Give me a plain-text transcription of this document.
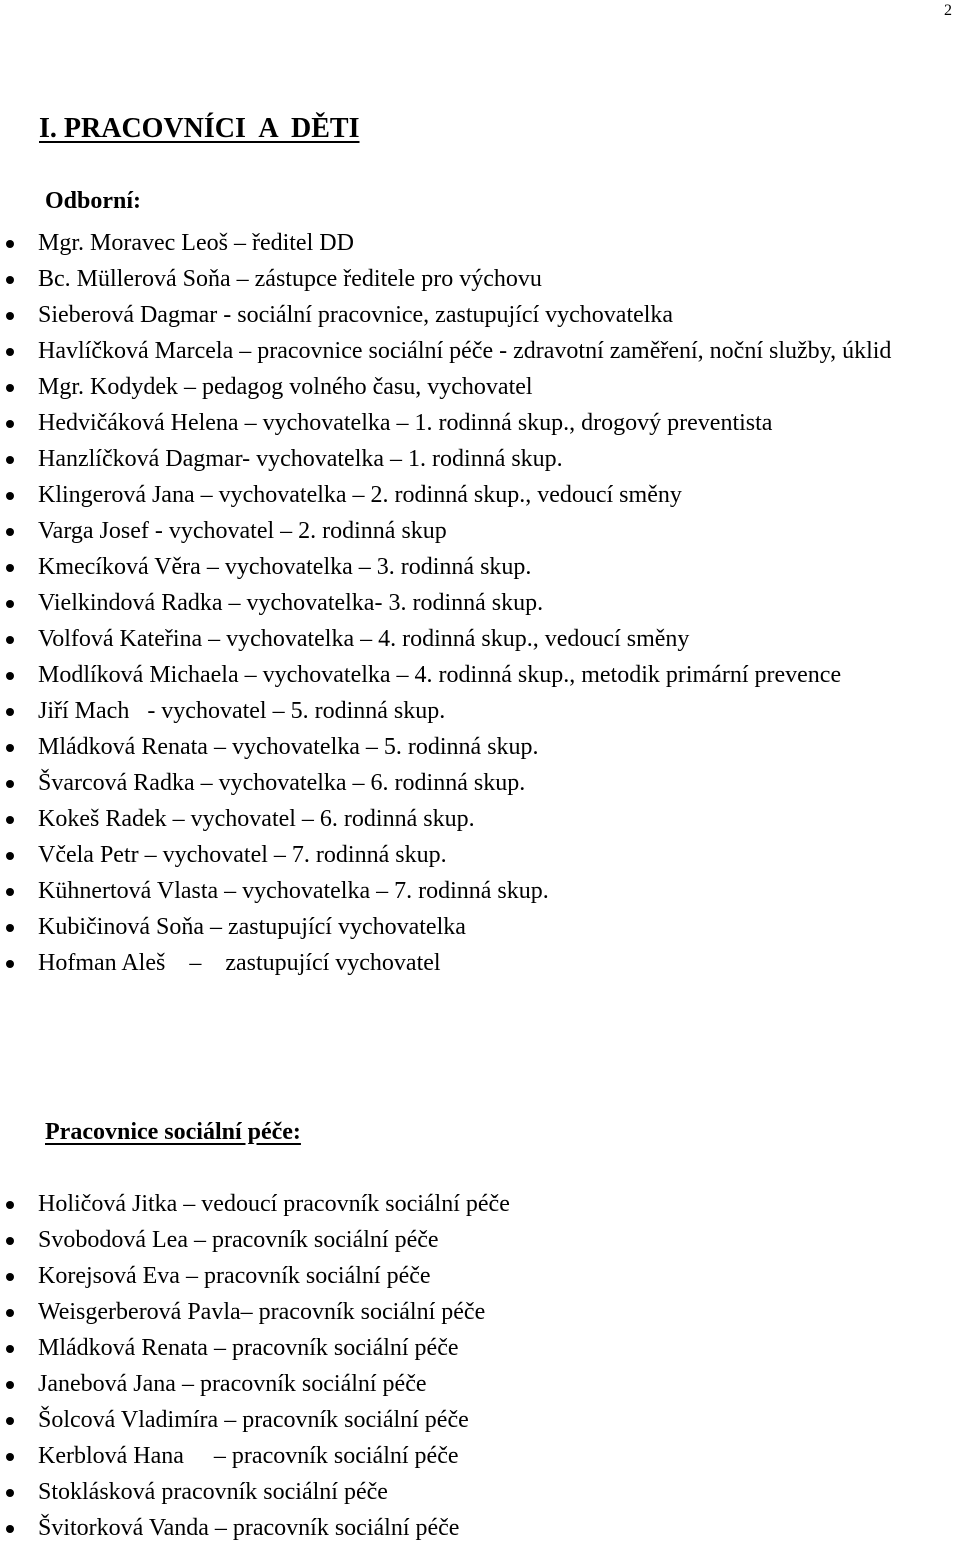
2
I. PRACOVNÍCI  A  DĚTI
Odborní:
Mgr. Moravec Leoš – ředitel DD
Bc. Müllerová Soňa – zástupce ředitele pro výchovu
Sieberová Dagmar - sociální pracovnice, zastupující vychovatelka
Havlíčková Marcela – pracovnice sociální péče - zdravotní zaměření, noční služby, úklid
Mgr. Kodydek – pedagog volného času, vychovatel
Hedvičáková Helena – vychovatelka – 1. rodinná skup., drogový preventista
Hanzlíčková Dagmar- vychovatelka – 1. rodinná skup.
Klingerová Jana – vychovatelka – 2. rodinná skup., vedoucí směny
Varga Josef - vychovatel – 2. rodinná skup
Kmecíková Věra – vychovatelka – 3. rodinná skup.
Vielkindová Radka – vychovatelka- 3. rodinná skup.
Volfová Kateřina – vychovatelka – 4. rodinná skup., vedoucí směny
Modlíková Michaela – vychovatelka – 4. rodinná skup., metodik primární prevence
Jiří Mach   - vychovatel – 5. rodinná skup.
Mládková Renata – vychovatelka – 5. rodinná skup.
Švarcová Radka – vychovatelka – 6. rodinná skup.
Kokeš Radek – vychovatel – 6. rodinná skup.
Včela Petr – vychovatel – 7. rodinná skup.
Kühnertová Vlasta – vychovatelka – 7. rodinná skup.
Kubičinová Soňa – zastupující vychovatelka
Hofman Aleš    –    zastupující vychovatel
Pracovnice sociální péče:
Holičová Jitka – vedoucí pracovník sociální péče
Svobodová Lea – pracovník sociální péče
Korejsová Eva – pracovník sociální péče
Weisgerberová Pavla– pracovník sociální péče
Mládková Renata – pracovník sociální péče
Janebová Jana – pracovník sociální péče
Šolcová Vladimíra – pracovník sociální péče
Kerblová Hana     – pracovník sociální péče
Stoklásková pracovník sociální péče
Švitorková Vanda – pracovník sociální péče
